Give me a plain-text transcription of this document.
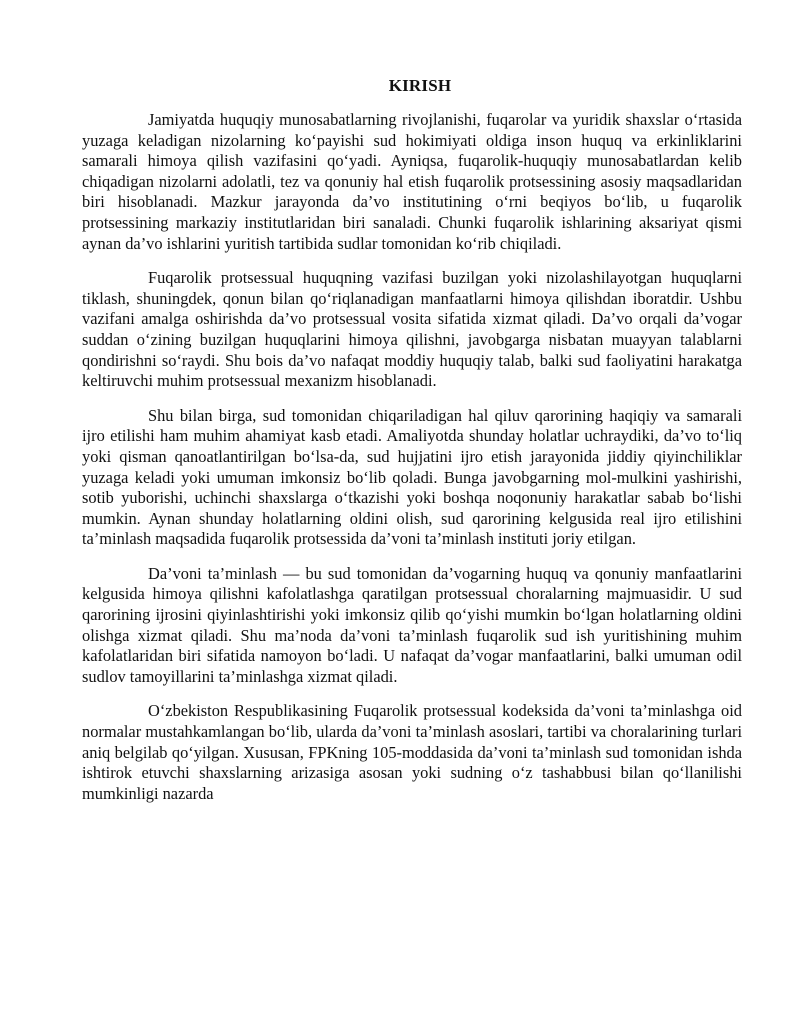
KIRISH

Jamiyatda huquqiy munosabatlarning rivojlanishi, fuqarolar va yuridik shaxslar o‘rtasida yuzaga keladigan nizolarning ko‘payishi sud hokimiyati oldiga inson huquq va erkinliklarini samarali himoya qilish vazifasini qo‘yadi. Ayniqsa, fuqarolik-huquqiy munosabatlardan kelib chiqadigan nizolarni adolatli, tez va qonuniy hal etish fuqarolik protsessining asosiy maqsadlaridan biri hisoblanadi. Mazkur jarayonda da’vo institutining o‘rni beqiyos bo‘lib, u fuqarolik protsessining markaziy institutlaridan biri sanaladi. Chunki fuqarolik ishlarining aksariyat qismi aynan da’vo ishlarini yuritish tartibida sudlar tomonidan ko‘rib chiqiladi.

Fuqarolik protsessual huquqning vazifasi buzilgan yoki nizolashilayotgan huquqlarni tiklash, shuningdek, qonun bilan qo‘riqlanadigan manfaatlarni himoya qilishdan iboratdir. Ushbu vazifani amalga oshirishda da’vo protsessual vosita sifatida xizmat qiladi. Da’vo orqali da’vogar suddan o‘zining buzilgan huquqlarini himoya qilishni, javobgarga nisbatan muayyan talablarni qondirishni so‘raydi. Shu bois da’vo nafaqat moddiy huquqiy talab, balki sud faoliyatini harakatga keltiruvchi muhim protsessual mexanizm hisoblanadi.

Shu bilan birga, sud tomonidan chiqariladigan hal qiluv qarorining haqiqiy va samarali ijro etilishi ham muhim ahamiyat kasb etadi. Amaliyotda shunday holatlar uchraydiki, da’vo to‘liq yoki qisman qanoatlantirilgan bo‘lsa-da, sud hujjatini ijro etish jarayonida jiddiy qiyinchiliklar yuzaga keladi yoki umuman imkonsiz bo‘lib qoladi. Bunga javobgarning mol-mulkini yashirishi, sotib yuborishi, uchinchi shaxslarga o‘tkazishi yoki boshqa noqonuniy harakatlar sabab bo‘lishi mumkin. Aynan shunday holatlarning oldini olish, sud qarorining kelgusida real ijro etilishini ta’minlash maqsadida fuqarolik protsessida da’voni ta’minlash instituti joriy etilgan.

Da’voni ta’minlash — bu sud tomonidan da’vogarning huquq va qonuniy manfaatlarini kelgusida himoya qilishni kafolatlashga qaratilgan protsessual choralarning majmuasidir. U sud qarorining ijrosini qiyinlashtirishi yoki imkonsiz qilib qo‘yishi mumkin bo‘lgan holatlarning oldini olishga xizmat qiladi. Shu ma’noda da’voni ta’minlash fuqarolik sud ish yuritishining muhim kafolatlaridan biri sifatida namoyon bo‘ladi. U nafaqat da’vogar manfaatlarini, balki umuman odil sudlov tamoyillarini ta’minlashga xizmat qiladi.

O‘zbekiston Respublikasining Fuqarolik protsessual kodeksida da’voni ta’minlashga oid normalar mustahkamlangan bo‘lib, ularda da’voni ta’minlash asoslari, tartibi va choralarining turlari aniq belgilab qo‘yilgan. Xususan, FPKning 105-moddasida da’voni ta’minlash sud tomonidan ishda ishtirok etuvchi shaxslarning arizasiga asosan yoki sudning o‘z tashabbusi bilan qo‘llanilishi mumkinligi nazarda
